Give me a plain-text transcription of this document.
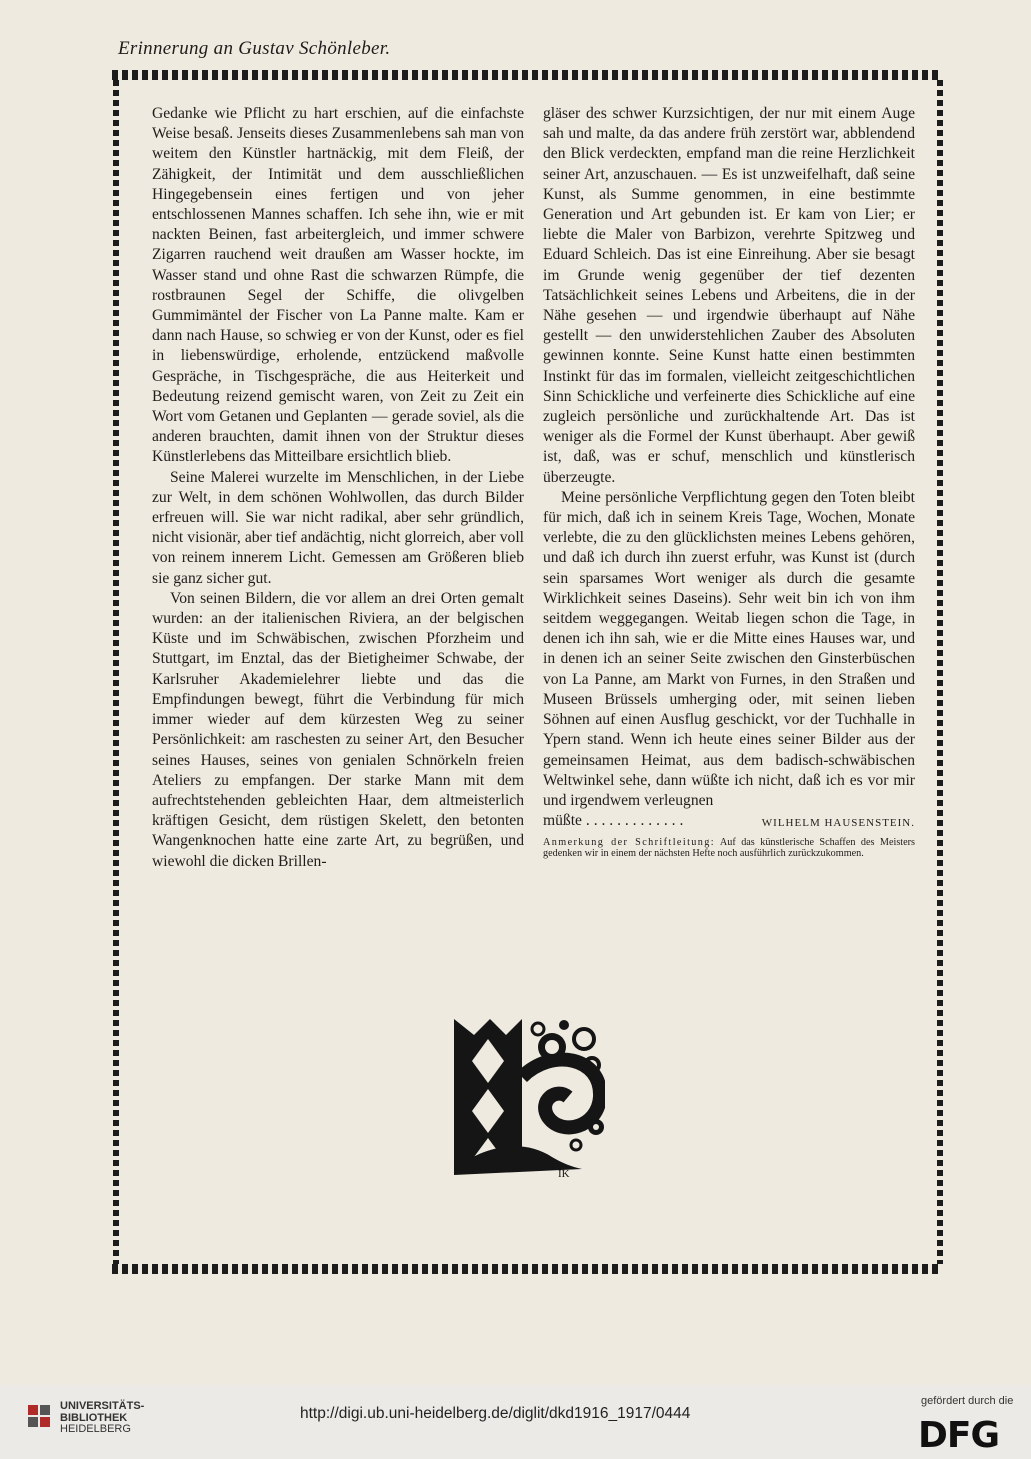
Erinnerung an Gustav Schönleber.

Gedanke wie Pflicht zu hart erschien, auf die einfachste Weise besaß. Jenseits dieses Zusammenlebens sah man von weitem den Künstler hartnäckig, mit dem Fleiß, der Zähigkeit, der Intimität und dem ausschließlichen Hingegebensein eines fertigen und von jeher entschlossenen Mannes schaffen. Ich sehe ihn, wie er mit nackten Beinen, fast arbeitergleich, und immer schwere Zigarren rauchend weit draußen am Wasser hockte, im Wasser stand und ohne Rast die schwarzen Rümpfe, die rostbraunen Segel der Schiffe, die olivgelben Gummimäntel der Fischer von La Panne malte. Kam er dann nach Hause, so schwieg er von der Kunst, oder es fiel in liebenswürdige, erholende, entzückend maßvolle Gespräche, in Tischgespräche, die aus Heiterkeit und Bedeutung reizend gemischt waren, von Zeit zu Zeit ein Wort vom Getanen und Geplanten — gerade soviel, als die anderen brauchten, damit ihnen von der Struktur dieses Künstlerlebens das Mitteilbare ersichtlich blieb.

Seine Malerei wurzelte im Menschlichen, in der Liebe zur Welt, in dem schönen Wohlwollen, das durch Bilder erfreuen will. Sie war nicht radikal, aber sehr gründlich, nicht visionär, aber tief andächtig, nicht glorreich, aber voll von reinem innerem Licht. Gemessen am Größeren blieb sie ganz sicher gut.

Von seinen Bildern, die vor allem an drei Orten gemalt wurden: an der italienischen Riviera, an der belgischen Küste und im Schwäbischen, zwischen Pforzheim und Stuttgart, im Enztal, das der Bietigheimer Schwabe, der Karlsruher Akademielehrer liebte und das die Empfindungen bewegt, führt die Verbindung für mich immer wieder auf dem kürzesten Weg zu seiner Persönlichkeit: am raschesten zu seiner Art, den Besucher seines Hauses, seines von genialen Schnörkeln freien Ateliers zu empfangen. Der starke Mann mit dem aufrechtstehenden gebleichten Haar, dem altmeisterlich kräftigen Gesicht, dem rüstigen Skelett, den betonten Wangenknochen hatte eine zarte Art, zu begrüßen, und wiewohl die dicken Brillen-

gläser des schwer Kurzsichtigen, der nur mit einem Auge sah und malte, da das andere früh zerstört war, abblendend den Blick verdeckten, empfand man die reine Herzlichkeit seiner Art, anzuschauen. — Es ist unzweifelhaft, daß seine Kunst, als Summe genommen, in eine bestimmte Generation und Art gebunden ist. Er kam von Lier; er liebte die Maler von Barbizon, verehrte Spitzweg und Eduard Schleich. Das ist eine Einreihung. Aber sie besagt im Grunde wenig gegenüber der tief dezenten Tatsächlichkeit seines Lebens und Arbeitens, die in der Nähe gesehen — und irgendwie überhaupt auf Nähe gestellt — den unwiderstehlichen Zauber des Absoluten gewinnen konnte. Seine Kunst hatte einen bestimmten Instinkt für das im formalen, vielleicht zeitgeschichtlichen Sinn Schickliche und verfeinerte dies Schickliche auf eine zugleich persönliche und zurückhaltende Art. Das ist weniger als die Formel der Kunst überhaupt. Aber gewiß ist, daß, was er schuf, menschlich und künstlerisch überzeugte.

Meine persönliche Verpflichtung gegen den Toten bleibt für mich, daß ich in seinem Kreis Tage, Wochen, Monate verlebte, die zu den glücklichsten meines Lebens gehören, und daß ich durch ihn zuerst erfuhr, was Kunst ist (durch sein sparsames Wort weniger als durch die gesamte Wirklichkeit seines Daseins). Sehr weit bin ich von ihm seitdem weggegangen. Weitab liegen schon die Tage, in denen ich ihn sah, wie er die Mitte eines Hauses war, und in denen ich an seiner Seite zwischen den Ginsterbüschen von La Panne, am Markt von Furnes, in den Straßen und Museen Brüssels umherging oder, mit seinen lieben Söhnen auf einen Ausflug geschickt, vor der Tuchhalle in Ypern stand. Wenn ich heute eines seiner Bilder aus der gemeinsamen Heimat, aus dem badisch-schwäbischen Weltwinkel sehe, dann wüßte ich nicht, daß ich es vor mir und irgendwem verleugnen

müßte . . . . . . . . . . . . .	WILHELM HAUSENSTEIN.
Anmerkung der Schriftleitung: Auf das künstlerische Schaffen des Meisters gedenken wir in einem der nächsten Hefte noch ausführlich zurückzukommen.
IK
UNIVERSITÄTS-
BIBLIOTHEK
HEIDELBERG
http://digi.ub.uni-heidelberg.de/diglit/dkd1916_1917/0444
gefördert durch die
DFG
